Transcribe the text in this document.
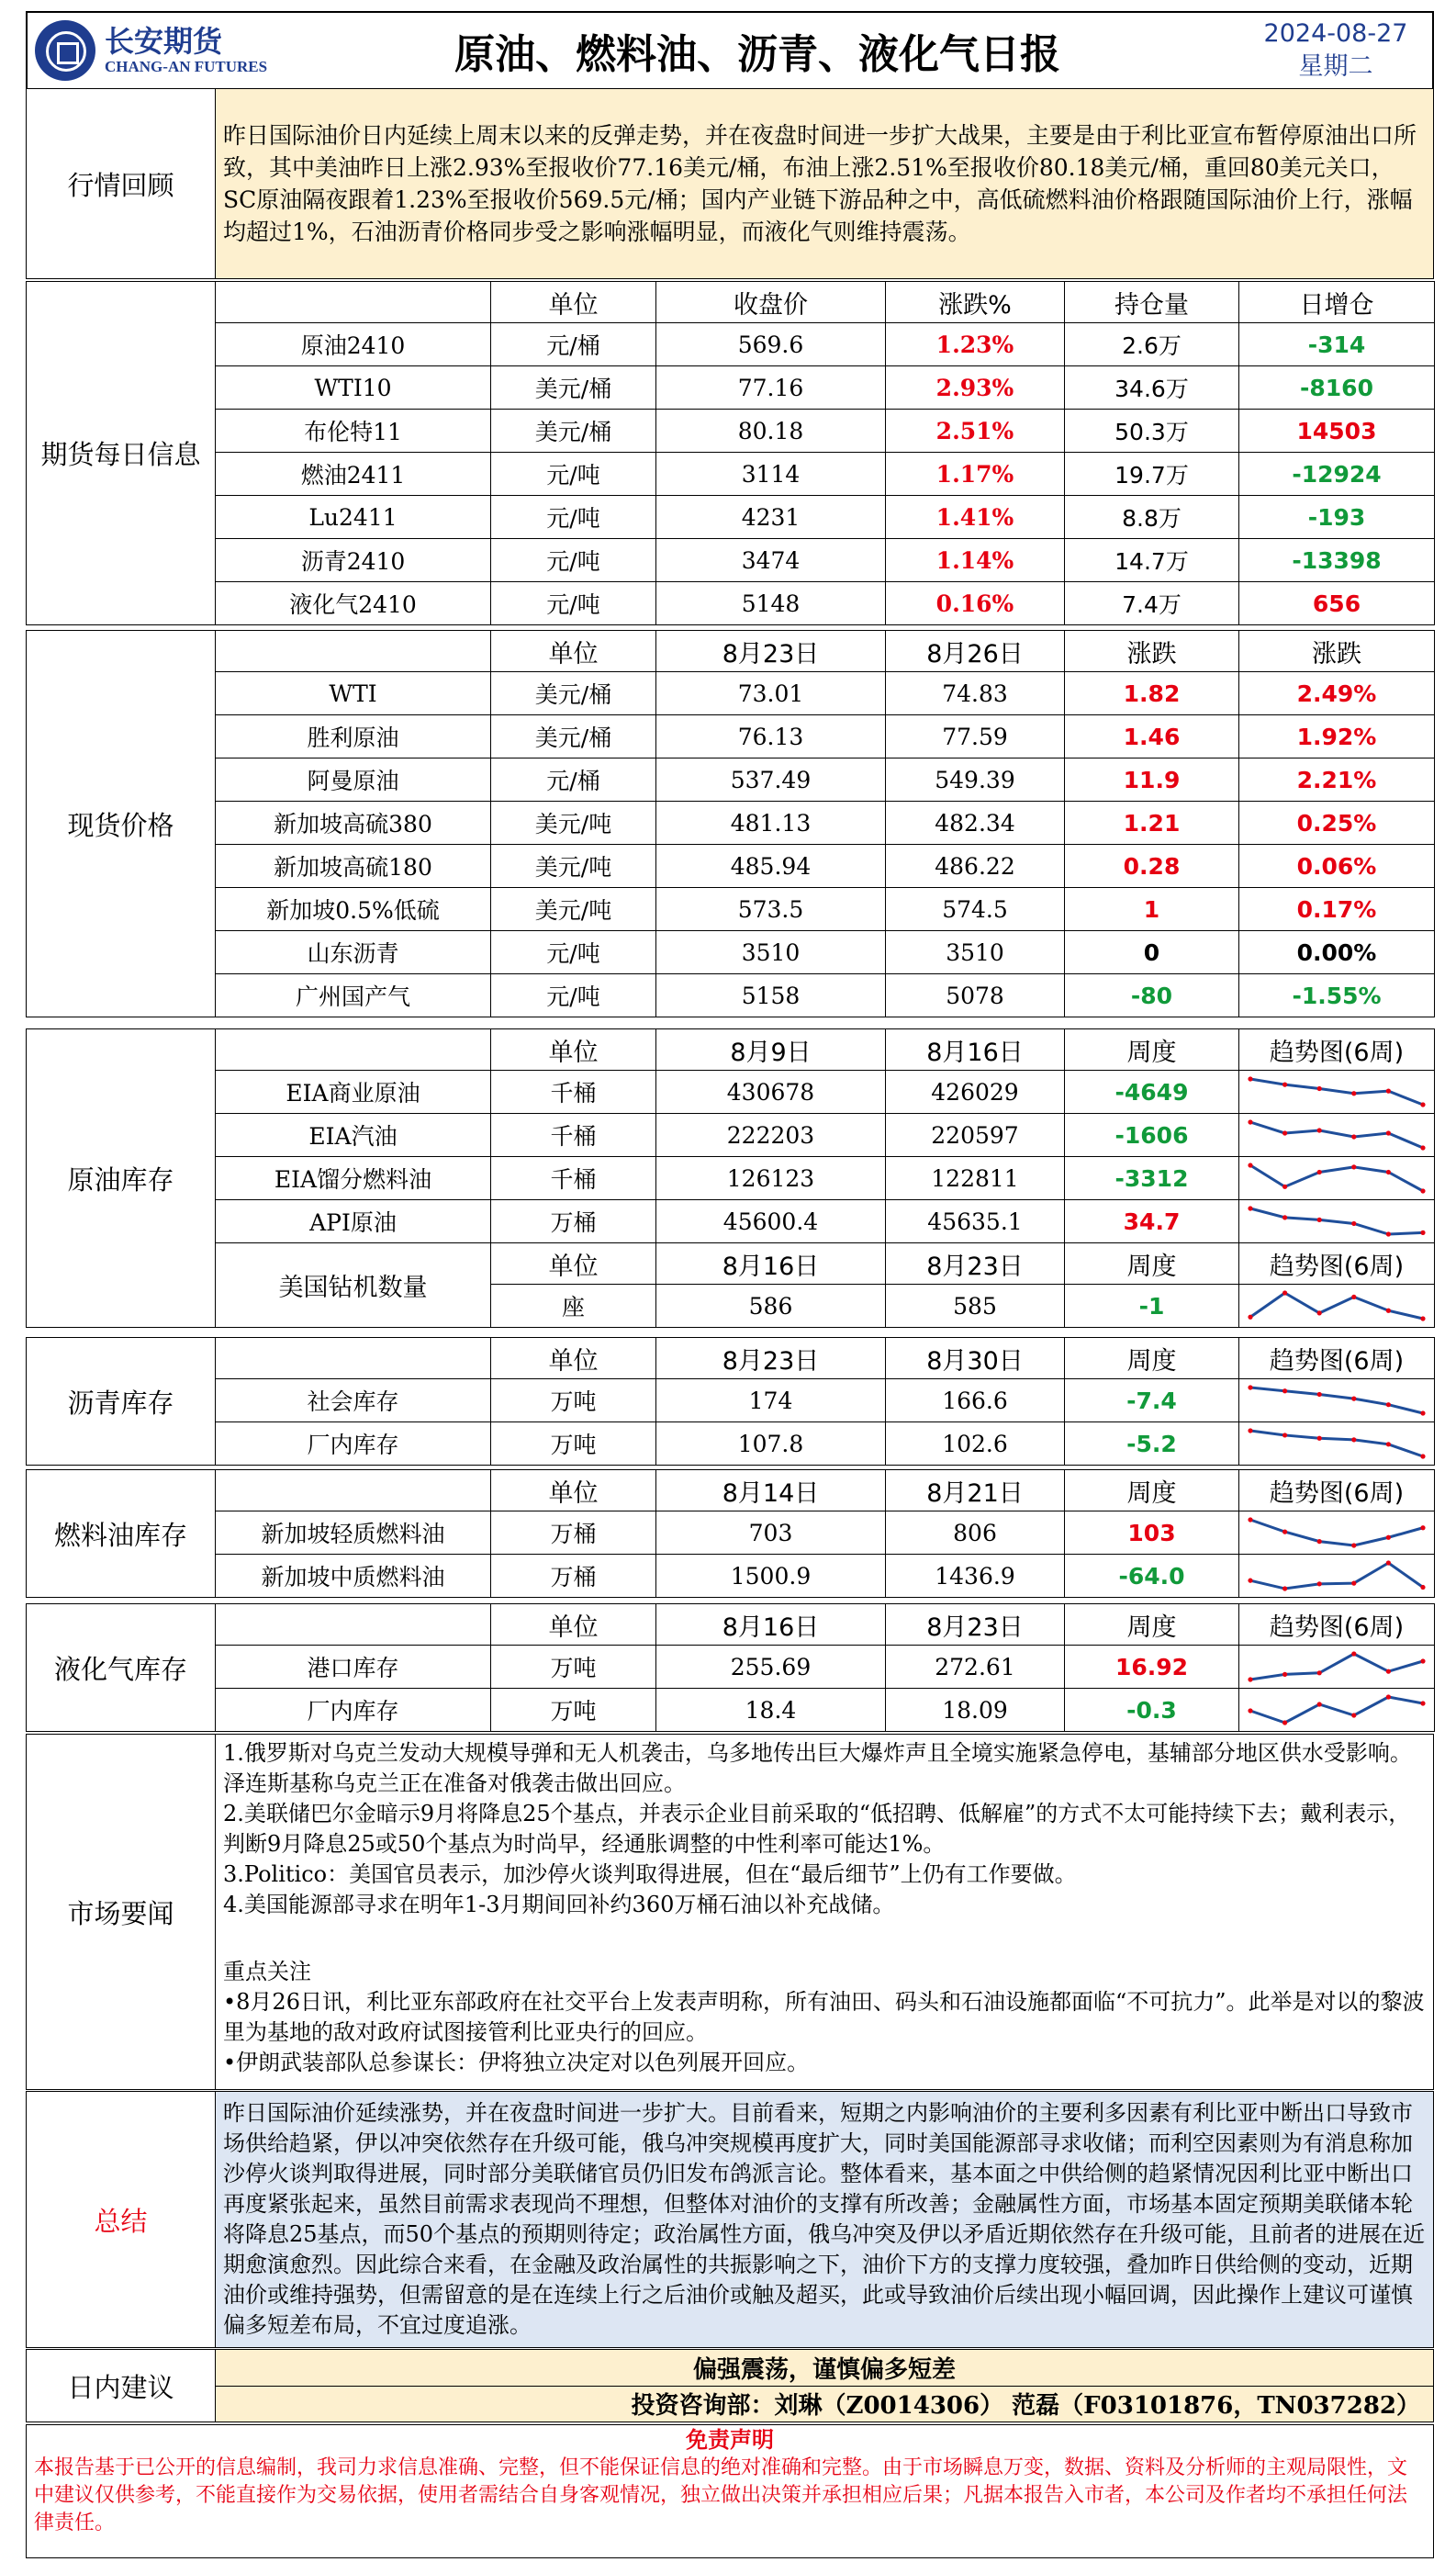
长安期货
CHANG-AN FUTURES	原油、燃料油、沥青、液化气日报	2024-08-27
星期二
行情回顾	昨日国际油价日内延续上周末以来的反弹走势，并在夜盘时间进一步扩大战果，主要是由于利比亚宣布暂停原油出口所致，其中美油昨日上涨2.93%至报收价77.16美元/桶，布油上涨2.51%至报收价80.18美元/桶，重回80美元关口，SC原油隔夜跟着1.23%至报收价569.5元/桶；国内产业链下游品种之中，高低硫燃料油价格跟随国际油价上行，涨幅均超过1%，石油沥青价格同步受之影响涨幅明显，而液化气则维持震荡。
期货每日信息		单位	收盘价	涨跌%	持仓量	日增仓
	原油2410	元/桶	569.6	1.23%	2.6万	-314
	WTI10	美元/桶	77.16	2.93%	34.6万	-8160
	布伦特11	美元/桶	80.18	2.51%	50.3万	14503
	燃油2411	元/吨	3114	1.17%	19.7万	-12924
	Lu2411	元/吨	4231	1.41%	8.8万	-193
	沥青2410	元/吨	3474	1.14%	14.7万	-13398
	液化气2410	元/吨	5148	0.16%	7.4万	656
现货价格		单位	8月23日	8月26日	涨跌	涨跌
	WTI	美元/桶	73.01	74.83	1.82	2.49%
	胜利原油	美元/桶	76.13	77.59	1.46	1.92%
	阿曼原油	元/桶	537.49	549.39	11.9	2.21%
	新加坡高硫380	美元/吨	481.13	482.34	1.21	0.25%
	新加坡高硫180	美元/吨	485.94	486.22	0.28	0.06%
	新加坡0.5%低硫	美元/吨	573.5	574.5	1	0.17%
	山东沥青	元/吨	3510	3510	0	0.00%
	广州国产气	元/吨	5158	5078	-80	-1.55%
原油库存		单位	8月9日	8月16日	周度	趋势图(6周)
	EIA商业原油	千桶	430678	426029	-4649	

	EIA汽油	千桶	222203	220597	-1606	

	EIA馏分燃料油	千桶	126123	122811	-3312	

	API原油	万桶	45600.4	45635.1	34.7	

	美国钻机数量	单位	8月16日	8月23日	周度	趋势图(6周)
		座	586	585	-1	
沥青库存		单位	8月23日	8月30日	周度	趋势图(6周)
	社会库存	万吨	174	166.6	-7.4	

	厂内库存	万吨	107.8	102.6	-5.2	
燃料油库存		单位	8月14日	8月21日	周度	趋势图(6周)
	新加坡轻质燃料油	万桶	703	806	103	

	新加坡中质燃料油	万桶	1500.9	1436.9	-64.0	
液化气库存		单位	8月16日	8月23日	周度	趋势图(6周)
	港口库存	万吨	255.69	272.61	16.92	

	厂内库存	万吨	18.4	18.09	-0.3	
市场要闻	
1.俄罗斯对乌克兰发动大规模导弹和无人机袭击，乌多地传出巨大爆炸声且全境实施紧急停电，基辅部分地区供水受影响。泽连斯基称乌克兰正在准备对俄袭击做出回应。
2.美联储巴尔金暗示9月将降息25个基点，并表示企业目前采取的“低招聘、低解雇”的方式不太可能持续下去；戴利表示，判断9月降息25或50个基点为时尚早，经通胀调整的中性利率可能达1%。
3.Politico：美国官员表示，加沙停火谈判取得进展，但在“最后细节”上仍有工作要做。
4.美国能源部寻求在明年1-3月期间回补约360万桶石油以补充战储。
重点关注
•8月26日讯，利比亚东部政府在社交平台上发表声明称，所有油田、码头和石油设施都面临“不可抗力”。此举是对以的黎波里为基地的敌对政府试图接管利比亚央行的回应。
•伊朗武装部队总参谋长：伊将独立决定对以色列展开回应。
总结	昨日国际油价延续涨势，并在夜盘时间进一步扩大。目前看来，短期之内影响油价的主要利多因素有利比亚中断出口导致市场供给趋紧，伊以冲突依然存在升级可能，俄乌冲突规模再度扩大，同时美国能源部寻求收储；而利空因素则为有消息称加沙停火谈判取得进展，同时部分美联储官员仍旧发布鸽派言论。整体看来，基本面之中供给侧的趋紧情况因利比亚中断出口再度紧张起来，虽然目前需求表现尚不理想，但整体对油价的支撑有所改善；金融属性方面，市场基本固定预期美联储本轮将降息25基点，而50个基点的预期则待定；政治属性方面，俄乌冲突及伊以矛盾近期依然存在升级可能，且前者的进展在近期愈演愈烈。因此综合来看，在金融及政治属性的共振影响之下，油价下方的支撑力度较强，叠加昨日供给侧的变动，近期油价或维持强势，但需留意的是在连续上行之后油价或触及超买，此或导致油价后续出现小幅回调，因此操作上建议可谨慎偏多短差布局，不宜过度追涨。
日内建议	偏强震荡，谨慎偏多短差
投资咨询部：刘琳（Z0014306） 范磊（F03101876，TN037282）
免责声明
本报告基于已公开的信息编制，我司力求信息准确、完整，但不能保证信息的绝对准确和完整。由于市场瞬息万变，数据、资料及分析师的主观局限性，文中建议仅供参考，不能直接作为交易依据，使用者需结合自身客观情况，独立做出决策并承担相应后果；凡据本报告入市者，本公司及作者均不承担任何法律责任。
